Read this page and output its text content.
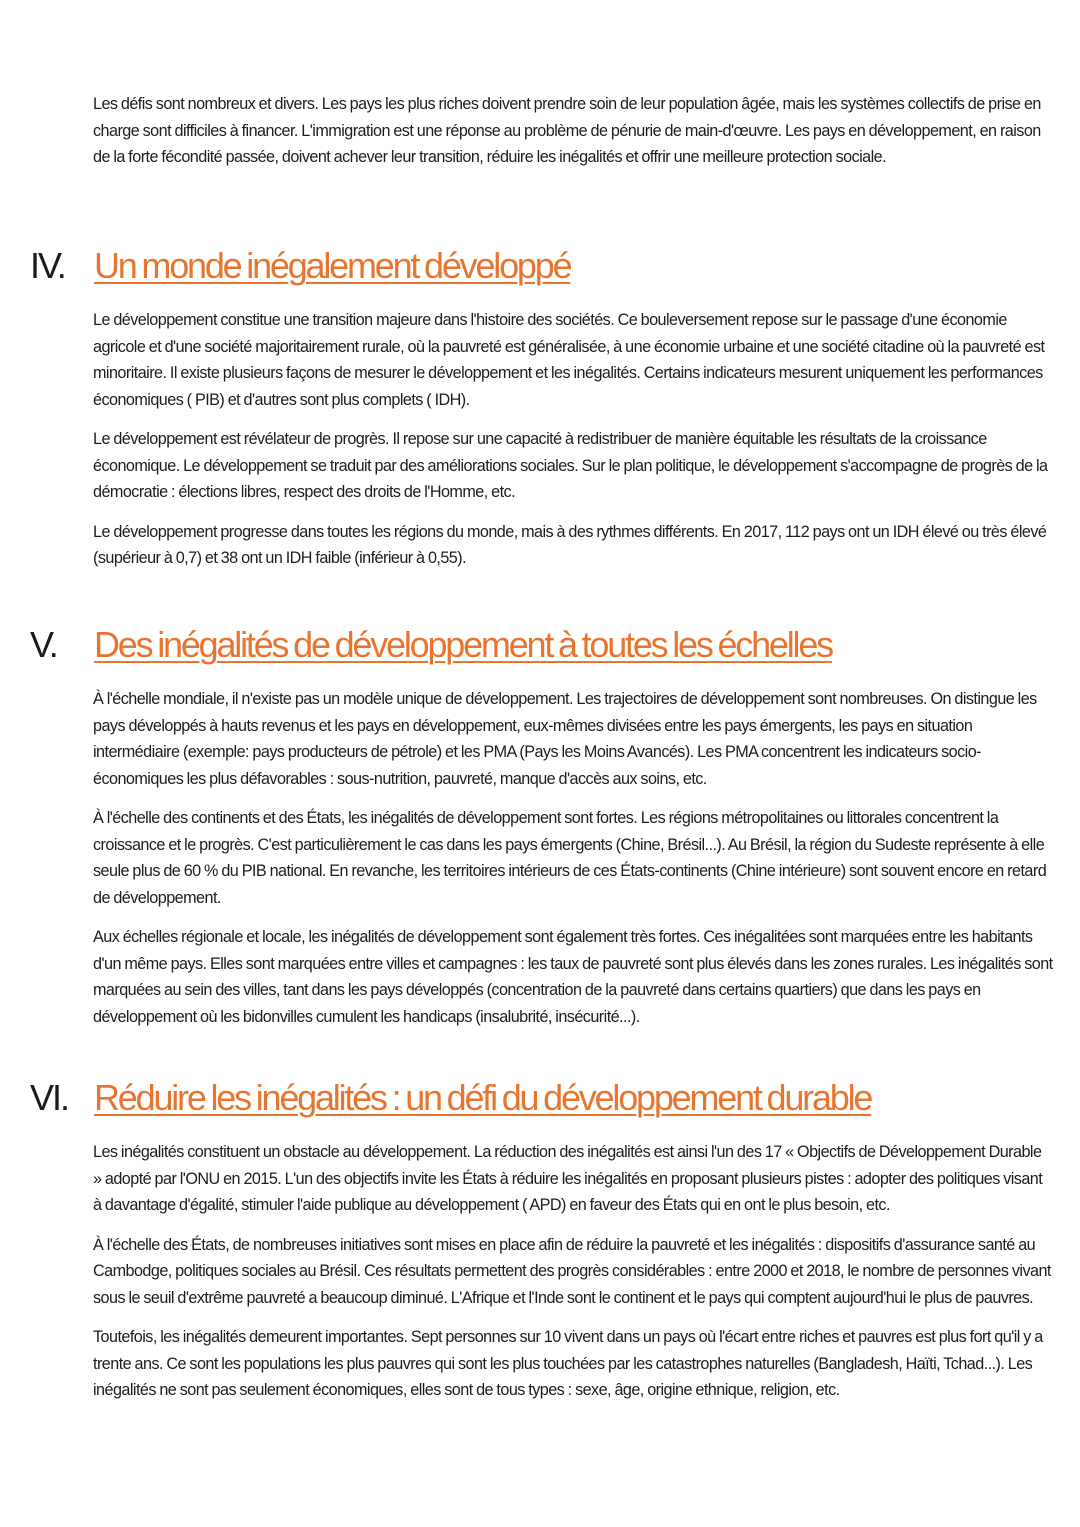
Les défis sont nombreux et divers. Les pays les plus riches doivent prendre soin de leur population âgée, mais les systèmes collectifs de prise en charge sont difficiles à financer. L'immigration est une réponse au problème de pénurie de main-d'œuvre. Les pays en développement, en raison de la forte fécondité passée, doivent achever leur transition, réduire les inégalités et offrir une meilleure protection sociale.

IV. Un monde inégalement développé

Le développement constitue une transition majeure dans l'histoire des sociétés. Ce bouleversement repose sur le passage d'une économie agricole et d'une société majoritairement rurale, où la pauvreté est généralisée, à une économie urbaine et une société citadine où la pauvreté est minoritaire. Il existe plusieurs façons de mesurer le développement et les inégalités. Certains indicateurs mesurent uniquement les performances économiques ( PIB) et d'autres sont plus complets ( IDH).

Le développement est révélateur de progrès. Il repose sur une capacité à redistribuer de manière équitable les résultats de la croissance économique. Le développement se traduit par des améliorations sociales. Sur le plan politique, le développement s'accompagne de progrès de la démocratie : élections libres, respect des droits de l'Homme, etc.

Le développement progresse dans toutes les régions du monde, mais à des rythmes différents. En 2017, 112 pays ont un IDH élevé ou très élevé (supérieur à 0,7) et 38 ont un IDH faible (inférieur à 0,55).

V. Des inégalités de développement à toutes les échelles

À l'échelle mondiale, il n'existe pas un modèle unique de développement. Les trajectoires de développement sont nombreuses. On distingue les pays développés à hauts revenus et les pays en développement, eux-mêmes divisées entre les pays émergents, les pays en situation intermédiaire (exemple: pays producteurs de pétrole) et les PMA (Pays les Moins Avancés). Les PMA concentrent les indicateurs socio-économiques les plus défavorables : sous-nutrition, pauvreté, manque d'accès aux soins, etc.

À l'échelle des continents et des États, les inégalités de développement sont fortes. Les régions métropolitaines ou littorales concentrent la croissance et le progrès. C'est particulièrement le cas dans les pays émergents (Chine, Brésil...). Au Brésil, la région du Sudeste représente à elle seule plus de 60 % du PIB national. En revanche, les territoires intérieurs de ces États-continents (Chine intérieure) sont souvent encore en retard de développement.

Aux échelles régionale et locale, les inégalités de développement sont également très fortes. Ces inégalitées sont marquées entre les habitants d'un même pays. Elles sont marquées entre villes et campagnes : les taux de pauvreté sont plus élevés dans les zones rurales. Les inégalités sont marquées au sein des villes, tant dans les pays développés (concentration de la pauvreté dans certains quartiers) que dans les pays en développement où les bidonvilles cumulent les handicaps (insalubrité, insécurité...).

VI. Réduire les inégalités : un défi du développement durable

Les inégalités constituent un obstacle au développement. La réduction des inégalités est ainsi l'un des 17 « Objectifs de Développement Durable » adopté par l'ONU en 2015. L'un des objectifs invite les États à réduire les inégalités en proposant plusieurs pistes : adopter des politiques visant à davantage d'égalité, stimuler l'aide publique au développement ( APD) en faveur des États qui en ont le plus besoin, etc.

À l'échelle des États, de nombreuses initiatives sont mises en place afin de réduire la pauvreté et les inégalités : dispositifs d'assurance santé au Cambodge, politiques sociales au Brésil. Ces résultats permettent des progrès considérables : entre 2000 et 2018, le nombre de personnes vivant sous le seuil d'extrême pauvreté a beaucoup diminué. L'Afrique et l'Inde sont le continent et le pays qui comptent aujourd'hui le plus de pauvres.

Toutefois, les inégalités demeurent importantes. Sept personnes sur 10 vivent dans un pays où l'écart entre riches et pauvres est plus fort qu'il y a trente ans. Ce sont les populations les plus pauvres qui sont les plus touchées par les catastrophes naturelles (Bangladesh, Haïti, Tchad...). Les inégalités ne sont pas seulement économiques, elles sont de tous types : sexe, âge, origine ethnique, religion, etc.
